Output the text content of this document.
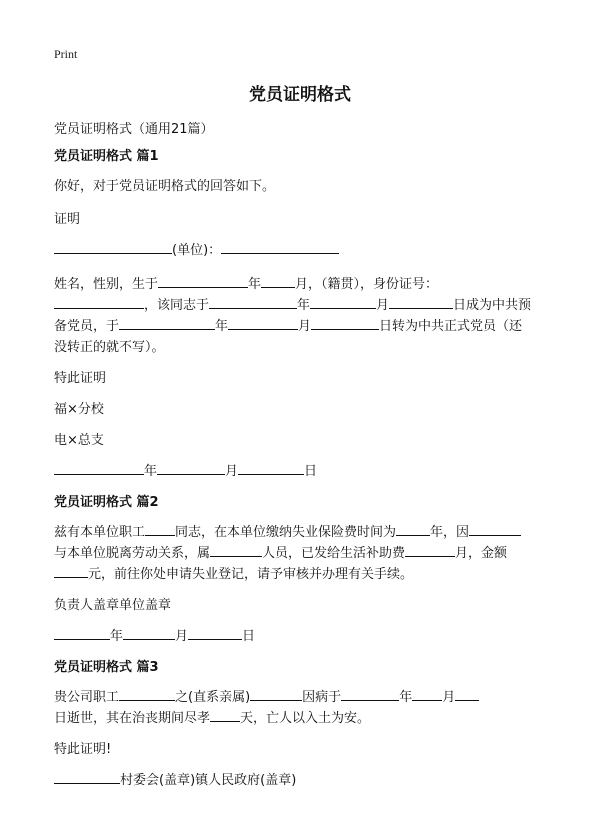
Print
党员证明格式

党员证明格式（通用21篇）

党员证明格式 篇1

你好，对于党员证明格式的回答如下。

证明

(单位)：

姓名，性别，生于	年	月，（籍贯），身份证号：

，该同志于	年	月	日成为中共预

备党员，于	年	月	日转为中共正式党员（还

没转正的就不写）。

特此证明

福×分校

电×总支

年	月	日

党员证明格式 篇2

兹有本单位职工 同志，在本单位缴纳失业保险费时间为	年，因

与本单位脱离劳动关系，属	人员，已发给生活补助费	月，金额

元，前往你处申请失业登记，请予审核并办理有关手续。

负责人盖章单位盖章

年	月	日

党员证明格式 篇3

贵公司职工	之(直系亲属)	因病于	年 月

日逝世，其在治丧期间尽孝 天，亡人以入土为安。

特此证明!

村委会(盖章)镇人民政府(盖章)
